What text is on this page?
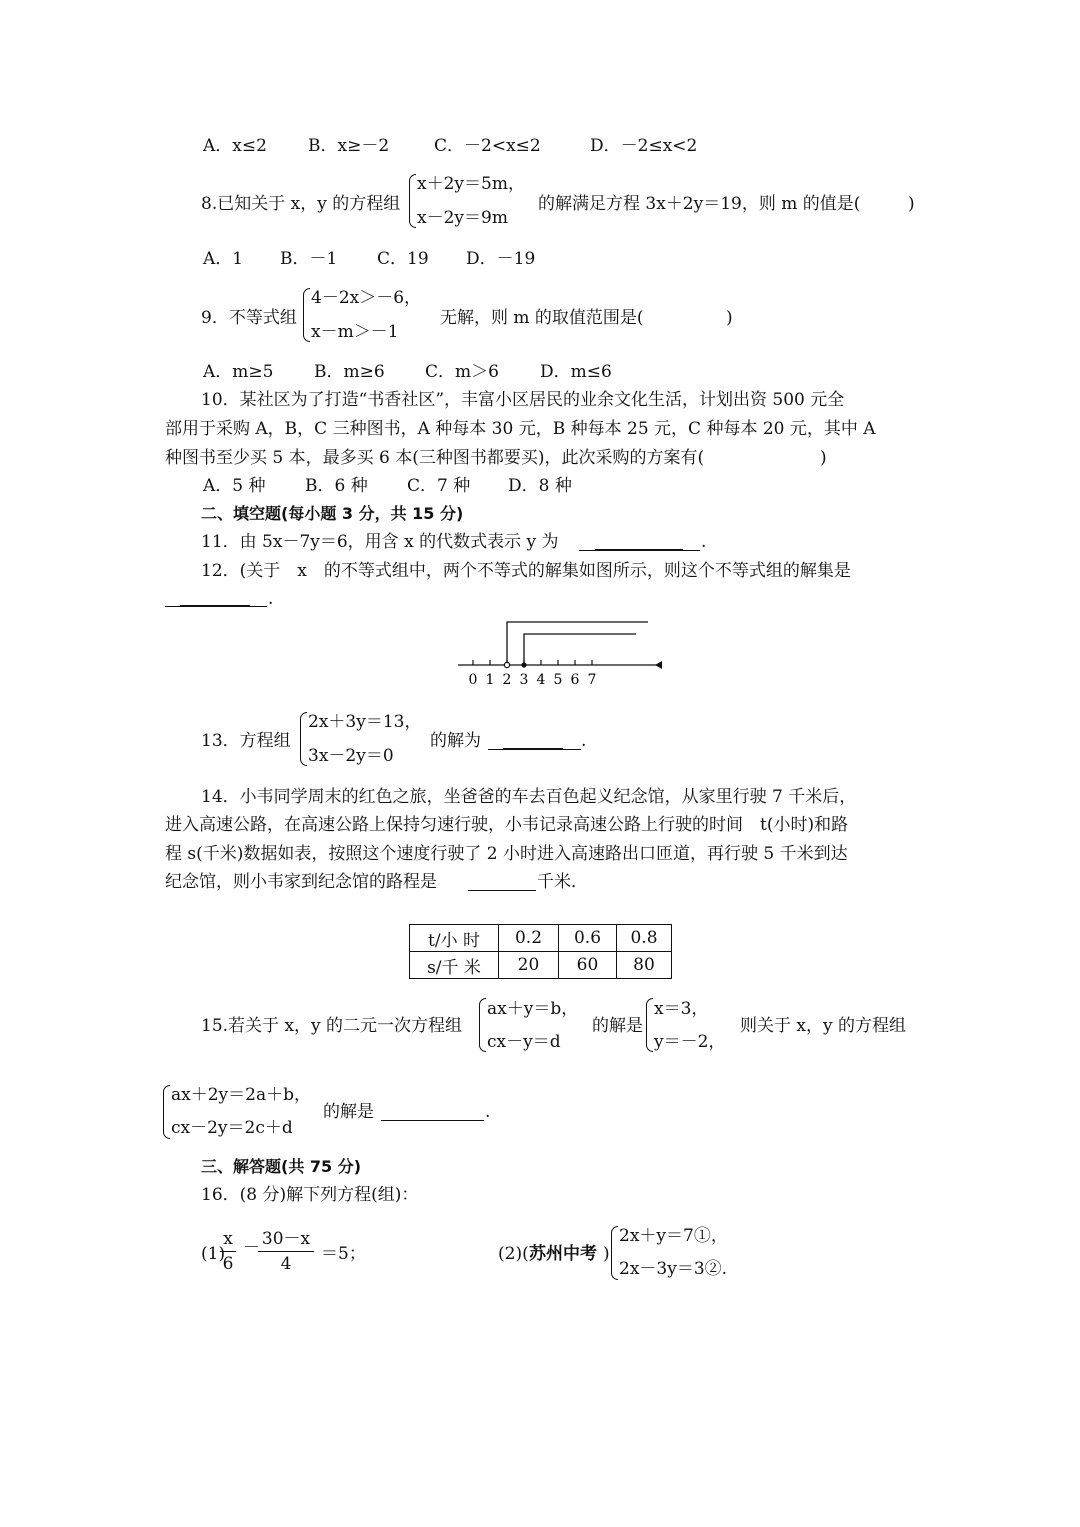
A．x≤2 B．x≥－2	C．－2<x≤2	D．－2≤x<2
8.已知关于 x，y 的方程组
x＋2y＝5m，
x－2y＝9m
的解满足方程 3x＋2y＝19，则 m 的值是(	)
A．1 B．－1 C．19 D．－19
9．不等式组
4－2x＞－6，
x－m＞－1
无解，则 m 的取值范围是(	)
A．m≥5 B．m≥6 C．m＞6 D．m≤6
10．某社区为了打造“书香社区”，丰富小区居民的业余文化生活，计划出资 500 元全
部用于采购 A，B，C 三种图书，A 种每本 30 元，B 种每本 25 元，C 种每本 20 元，其中 A
种图书至少买 5 本，最多买 6 本(三种图书都要买)，此次采购的方案有(	)
A．5 种 B．6 种 C．7 种 D．8 种
二、填空题(每小题 3 分，共 15 分)
11．由 5x－7y＝6，用含 x 的代数式表示 y 为	.
12．(关于　x　的不等式组中，两个不等式的解集如图所示，则这个不等式组的解集是
.
0 1 2 3 4 5 6 7
13．方程组
2x＋3y＝13，
3x－2y＝0
的解为	.
14．小韦同学周末的红色之旅，坐爸爸的车去百色起义纪念馆，从家里行驶 7 千米后，
进入高速公路，在高速公路上保持匀速行驶，小韦记录高速公路上行驶的时间　t(小时)和路
程 s(千米)数据如表，按照这个速度行驶了 2 小时进入高速路出口匝道，再行驶 5 千米到达
纪念馆，则小韦家到纪念馆的路程是	千米．
t/小 时	0.2	0.6	0.8
s/千 米	20	60	80
15.若关于 x，y 的二元一次方程组
ax＋y＝b，
cx－y＝d
的解是
x＝3，
y＝－2，
则关于 x，y 的方程组
ax＋2y＝2a＋b，
cx－2y＝2c＋d
的解是	.
三、解答题(共 75 分)
16．(8 分)解下列方程(组)：
(1)
x
6
－ 30－x
4	＝5；	(2)( 苏州中考 )
2x＋y＝7①，
2x－3y＝3②.
